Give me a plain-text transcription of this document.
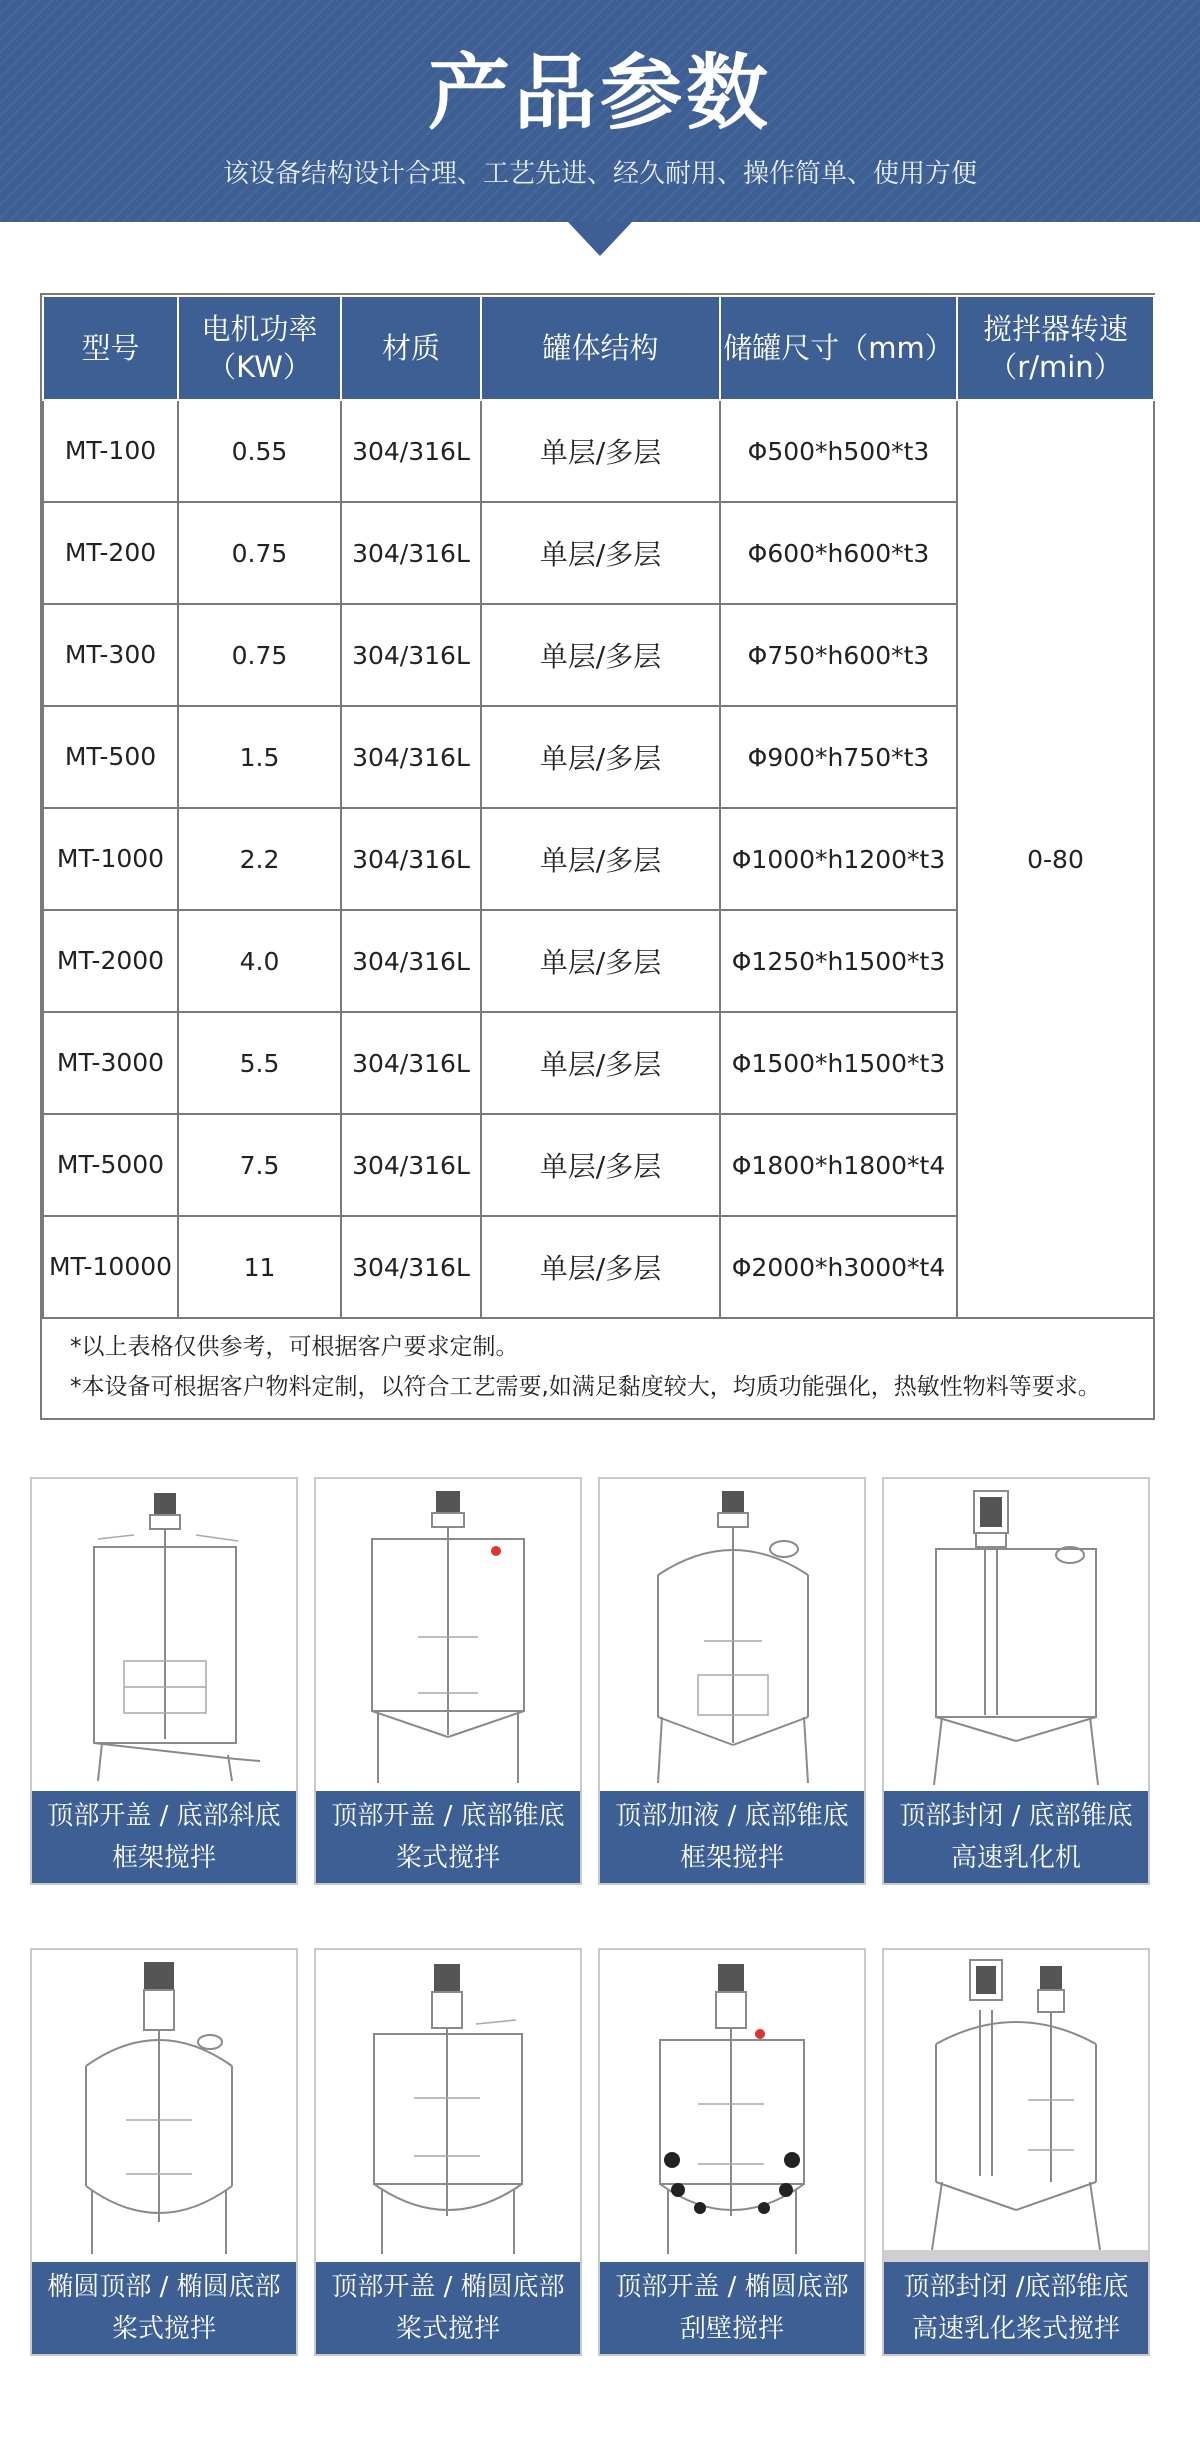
产品参数
该设备结构设计合理、工艺先进、经久耐用、操作简单、使用方便
型号	电机功率（KW）	材质	罐体结构	储罐尺寸（mm）	搅拌器转速（r/min）
MT-100	0.55	304/316L	单层/多层	Φ500*h500*t3	0-80
MT-200	0.75	304/316L	单层/多层	Φ600*h600*t3	
MT-300	0.75	304/316L	单层/多层	Φ750*h600*t3	
MT-500	1.5	304/316L	单层/多层	Φ900*h750*t3	
MT-1000	2.2	304/316L	单层/多层	Φ1000*h1200*t3	
MT-2000	4.0	304/316L	单层/多层	Φ1250*h1500*t3	
MT-3000	5.5	304/316L	单层/多层	Φ1500*h1500*t3	
MT-5000	7.5	304/316L	单层/多层	Φ1800*h1800*t4	
MT-10000	11	304/316L	单层/多层	Φ2000*h3000*t4	
*以上表格仅供参考，可根据客户要求定制。
*本设备可根据客户物料定制，以符合工艺需要,如满足黏度较大，均质功能强化，热敏性物料等要求。
顶部开盖 / 底部斜底
框架搅拌
顶部开盖 / 底部锥底
桨式搅拌
顶部加液 / 底部锥底
框架搅拌
顶部封闭 / 底部锥底
高速乳化机
椭圆顶部 / 椭圆底部
桨式搅拌
顶部开盖 / 椭圆底部
桨式搅拌
顶部开盖 / 椭圆底部
刮壁搅拌
顶部封闭 /底部锥底
高速乳化桨式搅拌
